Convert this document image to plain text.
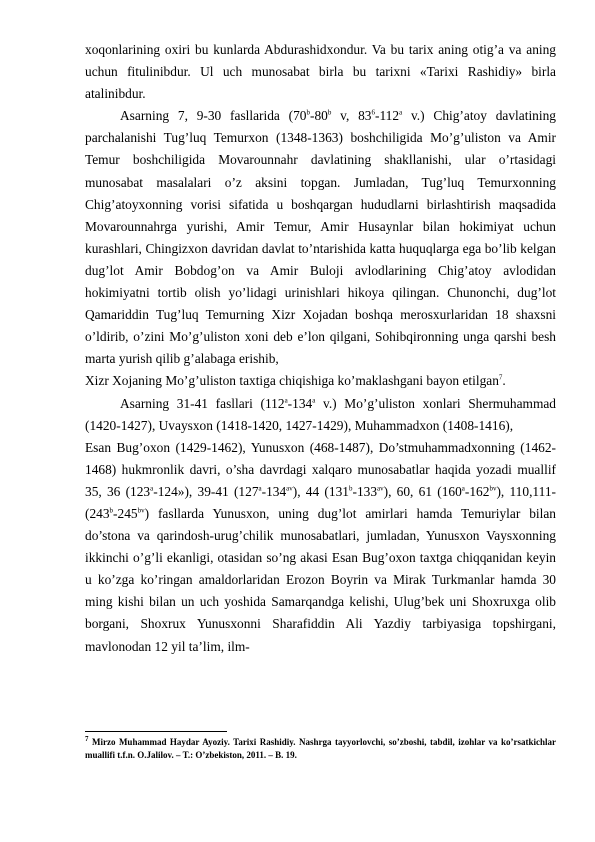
xoqonlarining oxiri bu kunlarda Abdurashidxondur. Va bu tarix aning otig’a va aning uchun fitulinibdur. Ul uch munosabat birla bu tarixni «Tarixi Rashidiy» birla atalinibdur.

Asarning 7, 9-30 fasllarida (70$^b$-80$^b$ v, $83^6-112^a$ v.) Chig’atoy davlatining parchalanishi Tug’luq Temurxon (1348-1363) boshchiligida Mo’g’uliston va Amir Temur boshchiligida Movarounnahr davlatining shakllanishi, ular o’rtasidagi munosabat masalalari o’z aksini topgan. Jumladan, Tug’luq Temurxonning Chig’atoyxonning vorisi sifatida u boshqargan hududlarni birlashtirish maqsadida Movarounnahrga yurishi, Amir Temur, Amir Husaynlar bilan hokimiyat uchun kurashlari, Chingizxon davridan davlat to’ntarishida katta huquqlarga ega bo’lib kelgan dug’lot Amir Bobdog’on va Amir Buloji avlodlarining Chig’atoy avlodidan hokimiyatni tortib olish yo’lidagi urinishlari hikoya qilingan. Chunonchi, dug’lot Qamariddin Tug’luq Temurning Xizr Xojadan boshqa merosxurlaridan 18 shaxsni o’ldirib, o’zini Mo’g’uliston xoni deb e’lon qilgani, Sohibqironning unga qarshi besh marta yurish qilib g’alabaga erishib,

Xizr Xojaning Mo’g’uliston taxtiga chiqishiga ko’maklashgani bayon etilgan$^7$.

Asarning 31-41 fasllari (112$^a$-134$^a$ v.) Mo’g’uliston xonlari Shermuhammad (1420-1427), Uvaysxon (1418-1420, 1427-1429), Muhammadxon (1408-1416),

Esan Bug’oxon (1429-1462), Yunusxon (468-1487), Do’stmuhammadxonning (1462-1468) hukmronlik davri, o’sha davrdagi xalqaro munosabatlar haqida yozadi muallif 35, 36 (123$^a$-124»), 39-41 $(127^a-134^{av})$, 44 $(131^b-133^{av})$, 60, 61 $(160^a-162^{bv})$, 110,111- $(243^b-245^{bv})$ fasllarda Yunusxon, uning dug’lot amirlari hamda Temuriylar bilan do’stona va qarindosh-urug’chilik munosabatlari, jumladan, Yunusxon Vaysxonning ikkinchi o’g’li ekanligi, otasidan so’ng akasi Esan Bug’oxon taxtga chiqqanidan keyin u ko’zga ko’ringan amaldorlaridan Erozon Boyrin va Mirak Turkmanlar hamda 30 ming kishi bilan un uch yoshida Samarqandga kelishi, Ulug’bek uni Shoxruxga olib borgani, Shoxrux Yunusxonni Sharafiddin Ali Yazdiy tarbiyasiga topshirgani, mavlonodan 12 yil ta’lim, ilm-

$^7$ Mirzo Muhammad Haydar Ayoziy. Tarixi Rashidiy. Nashrga tayyorlovchi, so’zboshi, tabdil, izohlar va ko’rsatkichlar muallifi t.f.n. O.Jalilov. – T.: O’zbekiston, 2011. – B. 19.
